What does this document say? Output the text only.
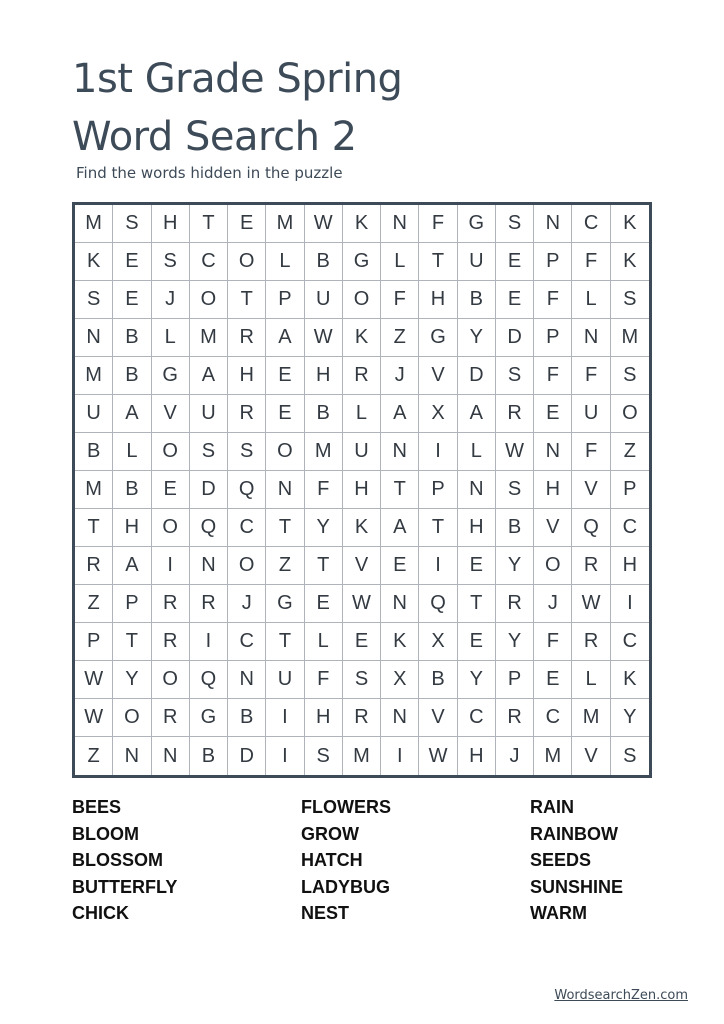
1st Grade Spring
Word Search 2
Find the words hidden in the puzzle
M	S	H	T	E	M	W	K	N	F	G	S	N	C	K
K	E	S	C	O	L	B	G	L	T	U	E	P	F	K
S	E	J	O	T	P	U	O	F	H	B	E	F	L	S
N	B	L	M	R	A	W	K	Z	G	Y	D	P	N	M
M	B	G	A	H	E	H	R	J	V	D	S	F	F	S
U	A	V	U	R	E	B	L	A	X	A	R	E	U	O
B	L	O	S	S	O	M	U	N	I	L	W	N	F	Z
M	B	E	D	Q	N	F	H	T	P	N	S	H	V	P
T	H	O	Q	C	T	Y	K	A	T	H	B	V	Q	C
R	A	I	N	O	Z	T	V	E	I	E	Y	O	R	H
Z	P	R	R	J	G	E	W	N	Q	T	R	J	W	I
P	T	R	I	C	T	L	E	K	X	E	Y	F	R	C
W	Y	O	Q	N	U	F	S	X	B	Y	P	E	L	K
W	O	R	G	B	I	H	R	N	V	C	R	C	M	Y
Z	N	N	B	D	I	S	M	I	W	H	J	M	V	S
BEES
BLOOM
BLOSSOM
BUTTERFLY
CHICK
FLOWERS
GROW
HATCH
LADYBUG
NEST
RAIN
RAINBOW
SEEDS
SUNSHINE
WARM
WordsearchZen.com
